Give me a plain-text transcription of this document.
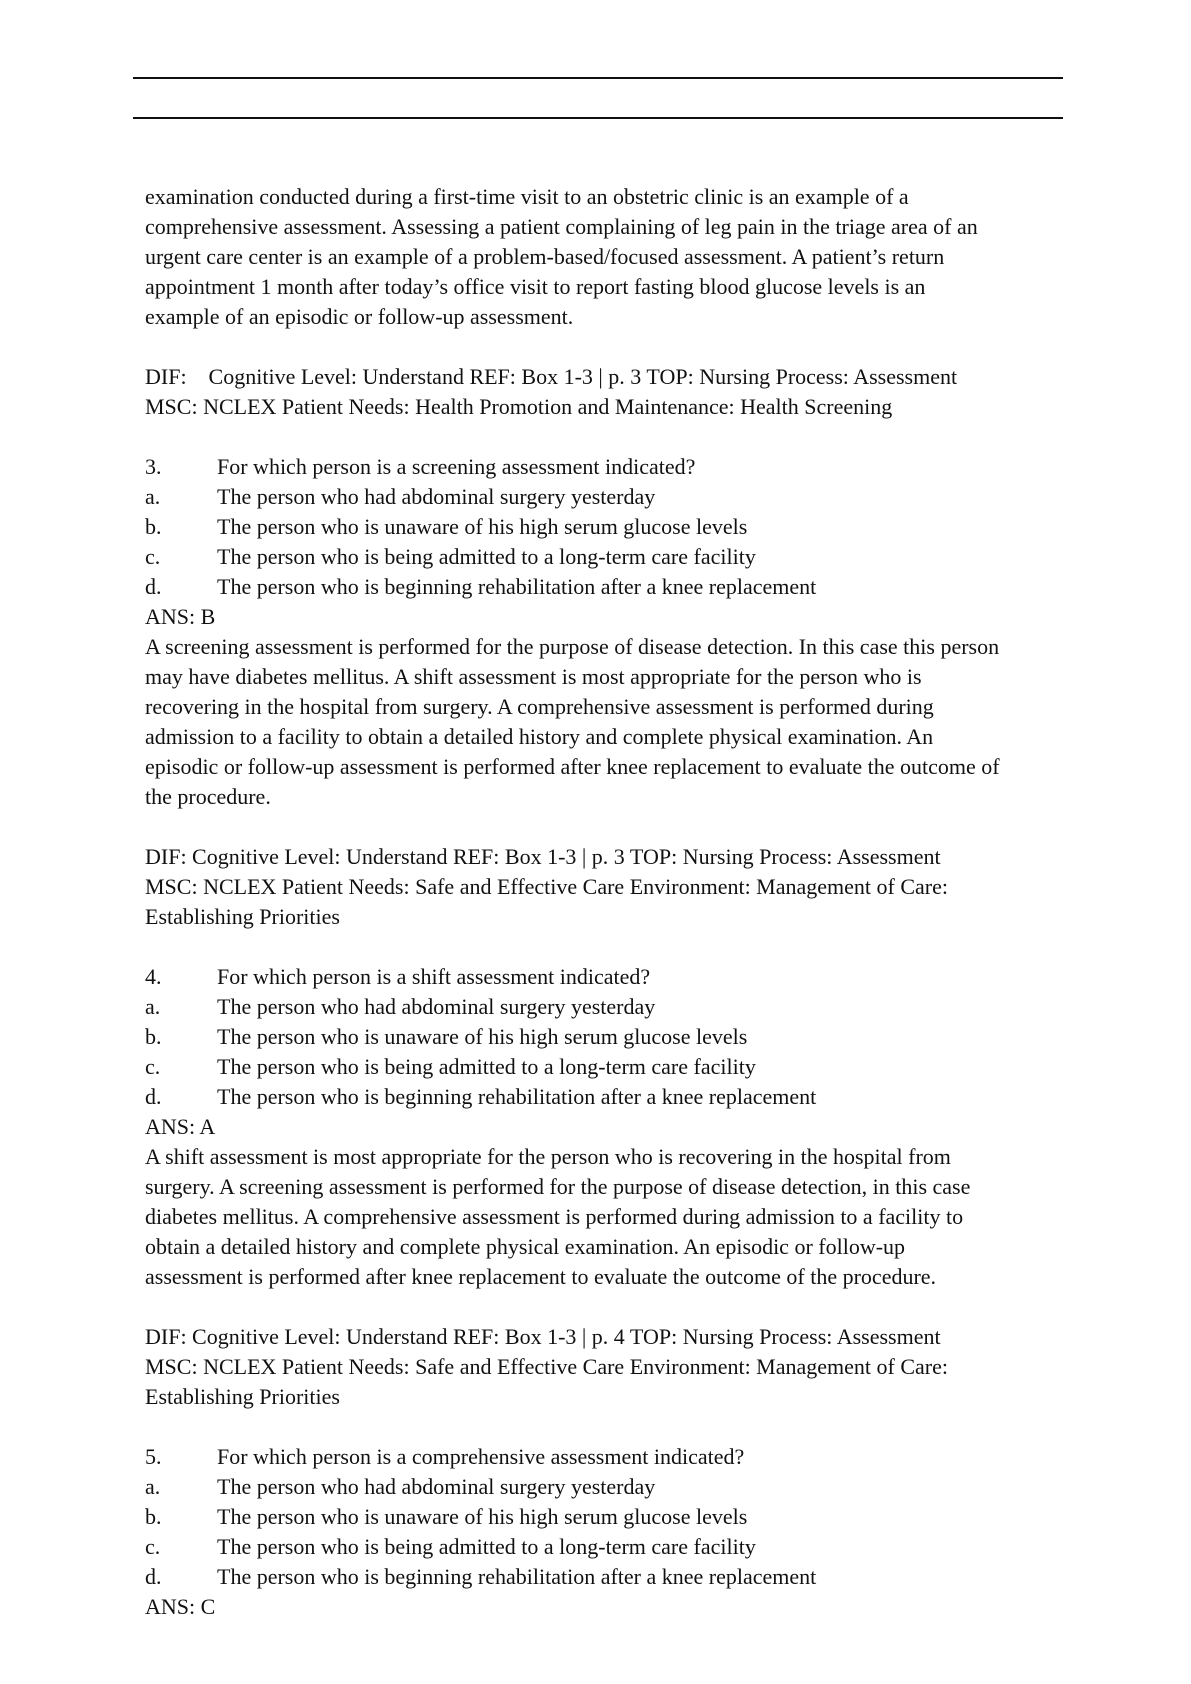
examination conducted during a first-time visit to an obstetric clinic is an example of a
comprehensive assessment. Assessing a patient complaining of leg pain in the triage area of an
urgent care center is an example of a problem-based/focused assessment. A patient’s return
appointment 1 month after today’s office visit to report fasting blood glucose levels is an
example of an episodic or follow-up assessment.
DIF:    Cognitive Level: Understand REF: Box 1-3 | p. 3 TOP: Nursing Process: Assessment
MSC: NCLEX Patient Needs: Health Promotion and Maintenance: Health Screening
3.	For which person is a screening assessment indicated?
a.	The person who had abdominal surgery yesterday
b.	The person who is unaware of his high serum glucose levels
c.	The person who is being admitted to a long-term care facility
d.	The person who is beginning rehabilitation after a knee replacement
ANS: B
A screening assessment is performed for the purpose of disease detection. In this case this person
may have diabetes mellitus. A shift assessment is most appropriate for the person who is
recovering in the hospital from surgery. A comprehensive assessment is performed during
admission to a facility to obtain a detailed history and complete physical examination. An
episodic or follow-up assessment is performed after knee replacement to evaluate the outcome of
the procedure.
DIF: Cognitive Level: Understand REF: Box 1-3 | p. 3 TOP: Nursing Process: Assessment
MSC: NCLEX Patient Needs: Safe and Effective Care Environment: Management of Care:
Establishing Priorities
4.	For which person is a shift assessment indicated?
a.	The person who had abdominal surgery yesterday
b.	The person who is unaware of his high serum glucose levels
c.	The person who is being admitted to a long-term care facility
d.	The person who is beginning rehabilitation after a knee replacement
ANS: A
A shift assessment is most appropriate for the person who is recovering in the hospital from
surgery. A screening assessment is performed for the purpose of disease detection, in this case
diabetes mellitus. A comprehensive assessment is performed during admission to a facility to
obtain a detailed history and complete physical examination. An episodic or follow-up
assessment is performed after knee replacement to evaluate the outcome of the procedure.
DIF: Cognitive Level: Understand REF: Box 1-3 | p. 4 TOP: Nursing Process: Assessment
MSC: NCLEX Patient Needs: Safe and Effective Care Environment: Management of Care:
Establishing Priorities
5.	For which person is a comprehensive assessment indicated?
a.	The person who had abdominal surgery yesterday
b.	The person who is unaware of his high serum glucose levels
c.	The person who is being admitted to a long-term care facility
d.	The person who is beginning rehabilitation after a knee replacement
ANS: C
